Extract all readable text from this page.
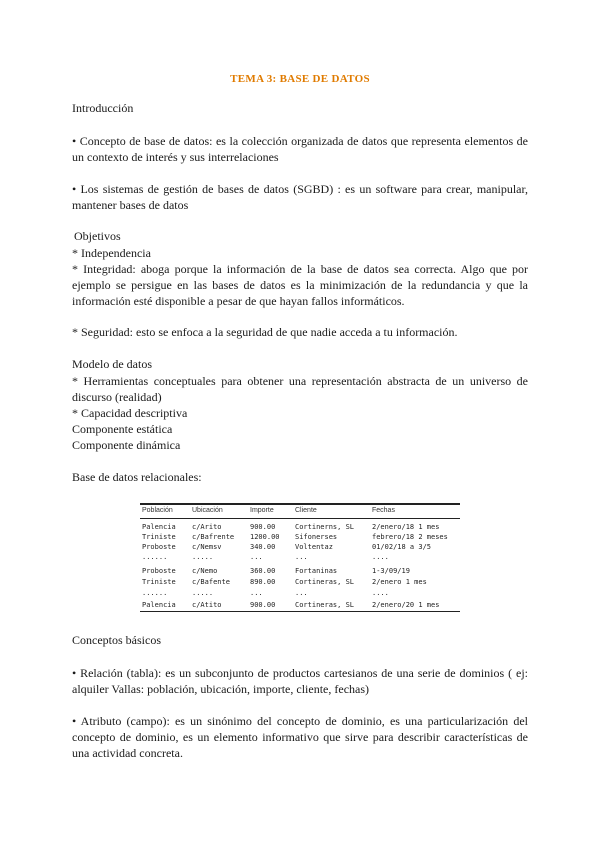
TEMA 3: BASE DE DATOS

Introducción

• Concepto de base de datos: es la colección organizada de datos que representa elementos de un contexto de interés y sus interrelaciones

• Los sistemas de gestión de bases de datos (SGBD) : es un software para crear, manipular, mantener bases de datos

Objetivos

* Independencia

* Integridad: aboga porque la información de la base de datos sea correcta. Algo que por ejemplo se persigue en las bases de datos es la minimización de la redundancia y que la información esté disponible a pesar de que hayan fallos informáticos.

* Seguridad: esto se enfoca a la seguridad de que nadie acceda a tu información.

Modelo de datos

* Herramientas conceptuales para obtener una representación abstracta de un universo de discurso (realidad)

* Capacidad descriptiva

Componente estática

Componente dinámica

Base de datos relacionales:

Población	Ubicación	Importe	Cliente	Fechas
Palencia	c/Arito	900.00	Cortinerns, SL	2/enero/18 1 mes
Triniste	c/Bafrente	1200.00	Sifonerses	febrero/18 2 meses
Proboste	c/Nemsv	340.00	Voltentaz	01/02/18 a 3/5
......	.....	...	...	....
Proboste	c/Nemo	360.00	Fortaninas	1-3/09/19
Triniste	c/Bafente	890.00	Cortineras, SL	2/enero 1 mes
......	.....	...	...	....
Palencia	c/Atito	900.00	Cortineras, SL	2/enero/20 1 mes

Conceptos básicos

• Relación (tabla): es un subconjunto de productos cartesianos de una serie de dominios ( ej: alquiler Vallas: población, ubicación, importe, cliente, fechas)

• Atributo (campo): es un sinónimo del concepto de dominio, es una particularización del concepto de dominio, es un elemento informativo que sirve para describir características de una actividad concreta.
